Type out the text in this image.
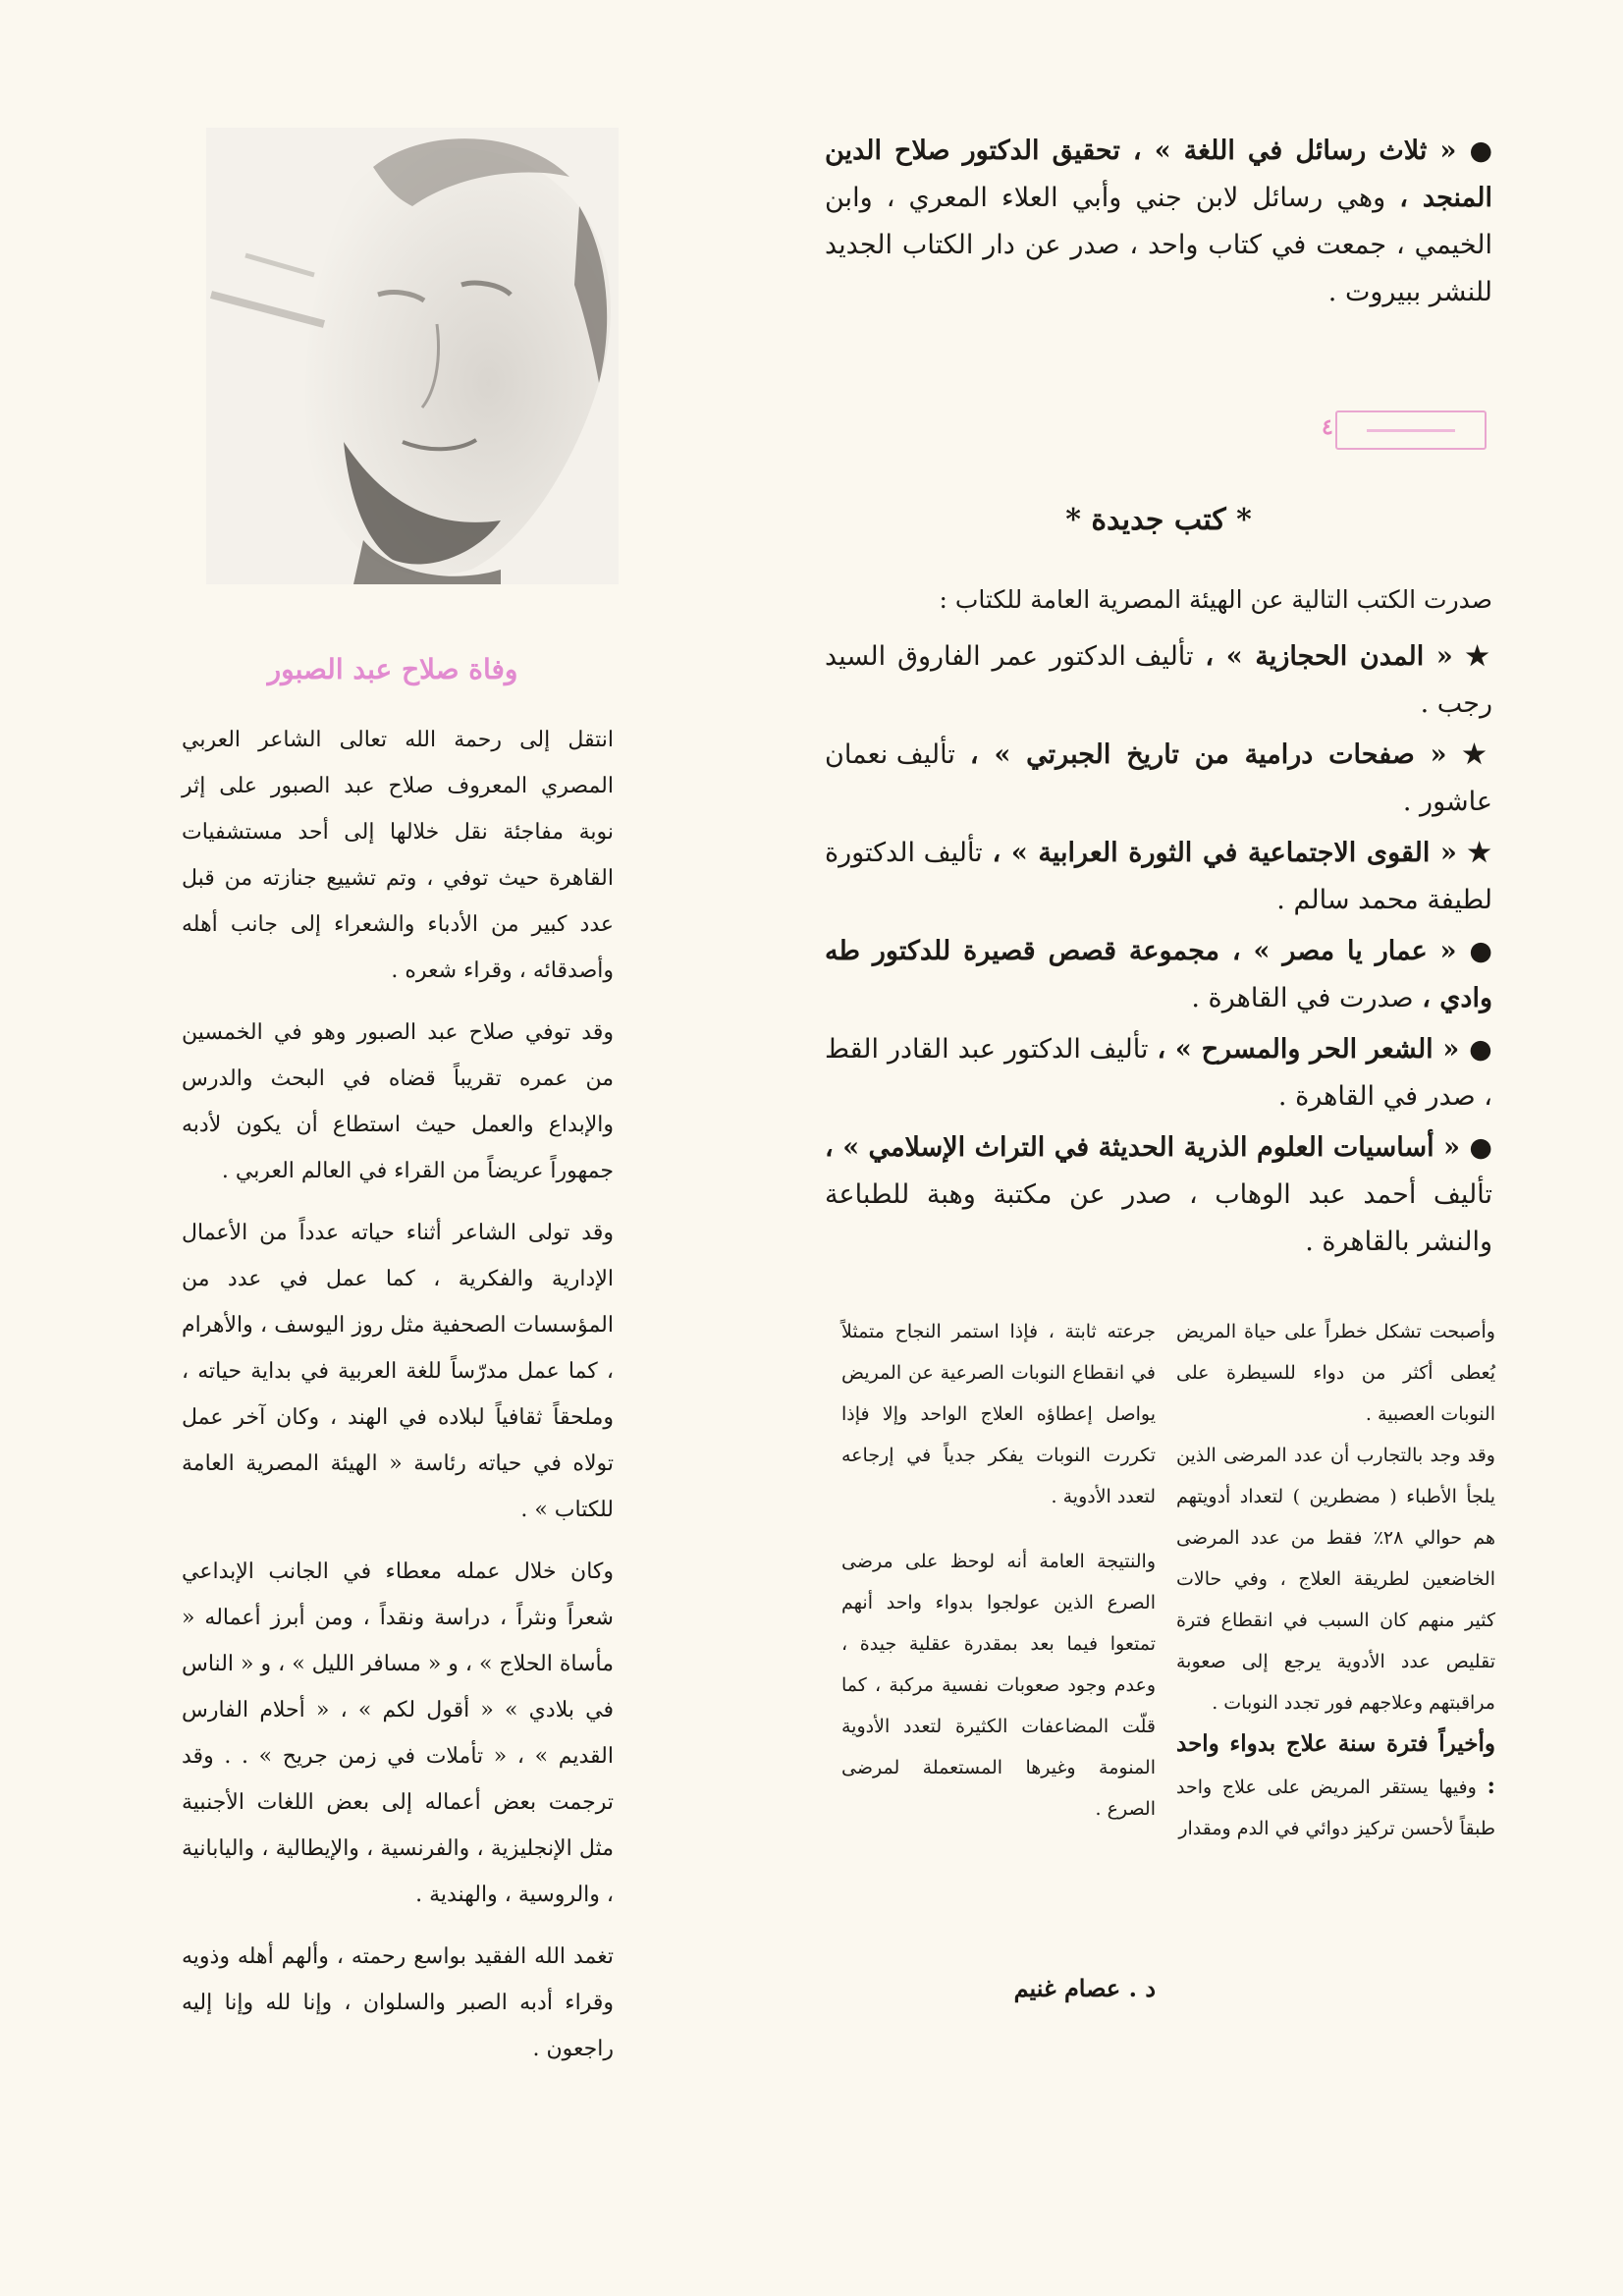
● « ثلاث رسائل في اللغة » ، تحقيق الدكتور صلاح الدين المنجد ، وهي رسائل لابن جني وأبي العلاء المعري ، وابن الخيمي ، جمعت في كتاب واحد ، صدر عن دار الكتاب الجديد للنشر ببيروت .

٤
* كتب جديدة *
صدرت الكتب التالية عن الهيئة المصرية العامة للكتاب :

★ « المدن الحجازية » ، تأليف الدكتور عمر الفاروق السيد رجب .

★ « صفحات درامية من تاريخ الجبرتي » ، تأليف نعمان عاشور .

★ « القوى الاجتماعية في الثورة العرابية » ، تأليف الدكتورة لطيفة محمد سالم .

● « عمار يا مصر » ، مجموعة قصص قصيرة للدكتور طه وادي ، صدرت في القاهرة .

● « الشعر الحر والمسرح » ، تأليف الدكتور عبد القادر القط ، صدر في القاهرة .

● « أساسيات العلوم الذرية الحديثة في التراث الإسلامي » ، تأليف أحمد عبد الوهاب ، صدر عن مكتبة وهبة للطباعة والنشر بالقاهرة .

وفاة صلاح عبد الصبور

انتقل إلى رحمة الله تعالى الشاعر العربي المصري المعروف صلاح عبد الصبور على إثر نوبة مفاجئة نقل خلالها إلى أحد مستشفيات القاهرة حيث توفي ، وتم تشييع جنازته من قبل عدد كبير من الأدباء والشعراء إلى جانب أهله وأصدقائه ، وقراء شعره .

وقد توفي صلاح عبد الصبور وهو في الخمسين من عمره تقريباً قضاه في البحث والدرس والإبداع والعمل حيث استطاع أن يكون لأدبه جمهوراً عريضاً من القراء في العالم العربي .

وقد تولى الشاعر أثناء حياته عدداً من الأعمال الإدارية والفكرية ، كما عمل في عدد من المؤسسات الصحفية مثل روز اليوسف ، والأهرام ، كما عمل مدرّساً للغة العربية في بداية حياته ، وملحقاً ثقافياً لبلاده في الهند ، وكان آخر عمل تولاه في حياته رئاسة « الهيئة المصرية العامة للكتاب » .

وكان خلال عمله معطاء في الجانب الإبداعي شعراً ونثراً ، دراسة ونقداً ، ومن أبرز أعماله « مأساة الحلاج » ، و « مسافر الليل » ، و « الناس في بلادي » « أقول لكم » ، « أحلام الفارس القديم » ، « تأملات في زمن جريح » . . وقد ترجمت بعض أعماله إلى بعض اللغات الأجنبية مثل الإنجليزية ، والفرنسية ، والإيطالية ، واليابانية ، والروسية ، والهندية .

تغمد الله الفقيد بواسع رحمته ، وألهم أهله وذويه وقراء أدبه الصبر والسلوان ، وإنا لله وإنا إليه راجعون .

وأصبحت تشكل خطراً على حياة المريض يُعطى أكثر من دواء للسيطرة على النوبات العصبية .

وقد وجد بالتجارب أن عدد المرضى الذين يلجأ الأطباء ( مضطرين ) لتعداد أدويتهم هم حوالي ٢٨٪ فقط من عدد المرضى الخاضعين لطريقة العلاج ، وفي حالات كثير منهم كان السبب في انقطاع فترة تقليص عدد الأدوية يرجع إلى صعوبة مراقبتهم وعلاجهم فور تجدد النوبات .

وأخيراً فترة سنة علاج بدواء واحد : وفيها يستقر المريض على علاج واحد طبقاً لأحسن تركيز دوائي في الدم ومقدار

جرعته ثابتة ، فإذا استمر النجاح متمثلاً في انقطاع النوبات الصرعية عن المريض يواصل إعطاؤه العلاج الواحد وإلا فإذا تكررت النوبات يفكر جدياً في إرجاعه لتعدد الأدوية .

والنتيجة العامة أنه لوحظ على مرضى الصرع الذين عولجوا بدواء واحد أنهم تمتعوا فيما بعد بمقدرة عقلية جيدة ، وعدم وجود صعوبات نفسية مركبة ، كما قلّت المضاعفات الكثيرة لتعدد الأدوية المنومة وغيرها المستعملة لمرضى الصرع .

د . عصام غنيم
